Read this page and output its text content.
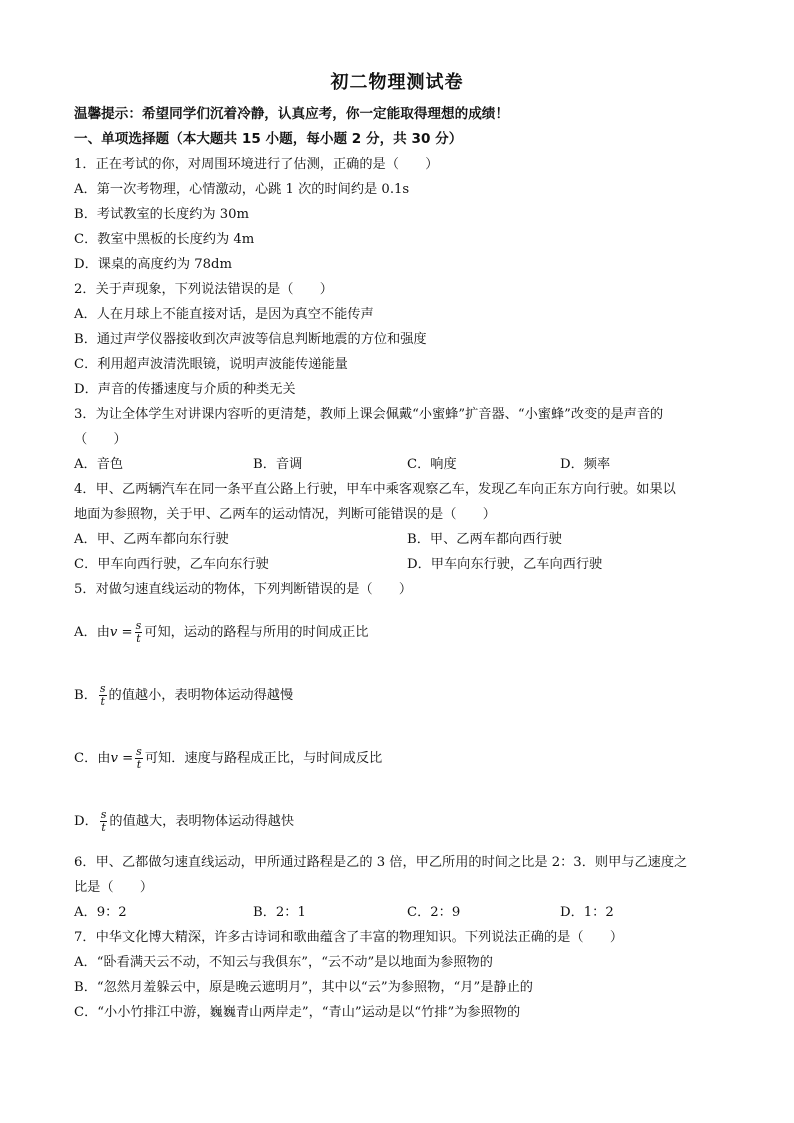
初二物理测试卷
温馨提示：希望同学们沉着冷静，认真应考，你一定能取得理想的成绩！
一、单项选择题（本大题共 15 小题，每小题 2 分，共 30 分）
1．正在考试的你，对周围环境进行了估测，正确的是（　　）
A．第一次考物理，心情激动，心跳 1 次的时间约是 0.1s
B．考试教室的长度约为 30m
C．教室中黑板的长度约为 4m
D．课桌的高度约为 78dm
2．关于声现象，下列说法错误的是（　　）
A．人在月球上不能直接对话，是因为真空不能传声
B．通过声学仪器接收到次声波等信息判断地震的方位和强度
C．利用超声波清洗眼镜，说明声波能传递能量
D．声音的传播速度与介质的种类无关
3．为让全体学生对讲课内容听的更清楚，教师上课会佩戴“小蜜蜂”扩音器、“小蜜蜂”改变的是声音的
（　　）
A．音色	B．音调	C．响度	D．频率
4．甲、乙两辆汽车在同一条平直公路上行驶，甲车中乘客观察乙车，发现乙车向正东方向行驶。如果以
地面为参照物，关于甲、乙两车的运动情况，判断可能错误的是（　　）
A．甲、乙两车都向东行驶	B．甲、乙两车都向西行驶
C．甲车向西行驶，乙车向东行驶	D．甲车向东行驶，乙车向西行驶
5．对做匀速直线运动的物体，下列判断错误的是（　　）
A．由$v = \frac{s}{t}$ 可知，运动的路程与所用的时间成正比
B． $\frac{s}{t}$ 的值越小，表明物体运动得越慢
C．由$v = \frac{s}{t}$ 可知．速度与路程成正比，与时间成反比
D． $\frac{s}{t}$ 的值越大，表明物体运动得越快
6．甲、乙都做匀速直线运动，甲所通过路程是乙的 3 倍，甲乙所用的时间之比是 2：3．则甲与乙速度之
比是（　　）
A．9：2	B．2：1	C．2：9	D．1：2
7．中华文化博大精深，许多古诗词和歌曲蕴含了丰富的物理知识。下列说法正确的是（　　）
A．“卧看满天云不动，不知云与我俱东”，“云不动”是以地面为参照物的
B．“忽然月羞躲云中，原是晚云遮明月”，其中以“云”为参照物，“月”是静止的
C．“小小竹排江中游，巍巍青山两岸走”，“青山”运动是以“竹排”为参照物的
